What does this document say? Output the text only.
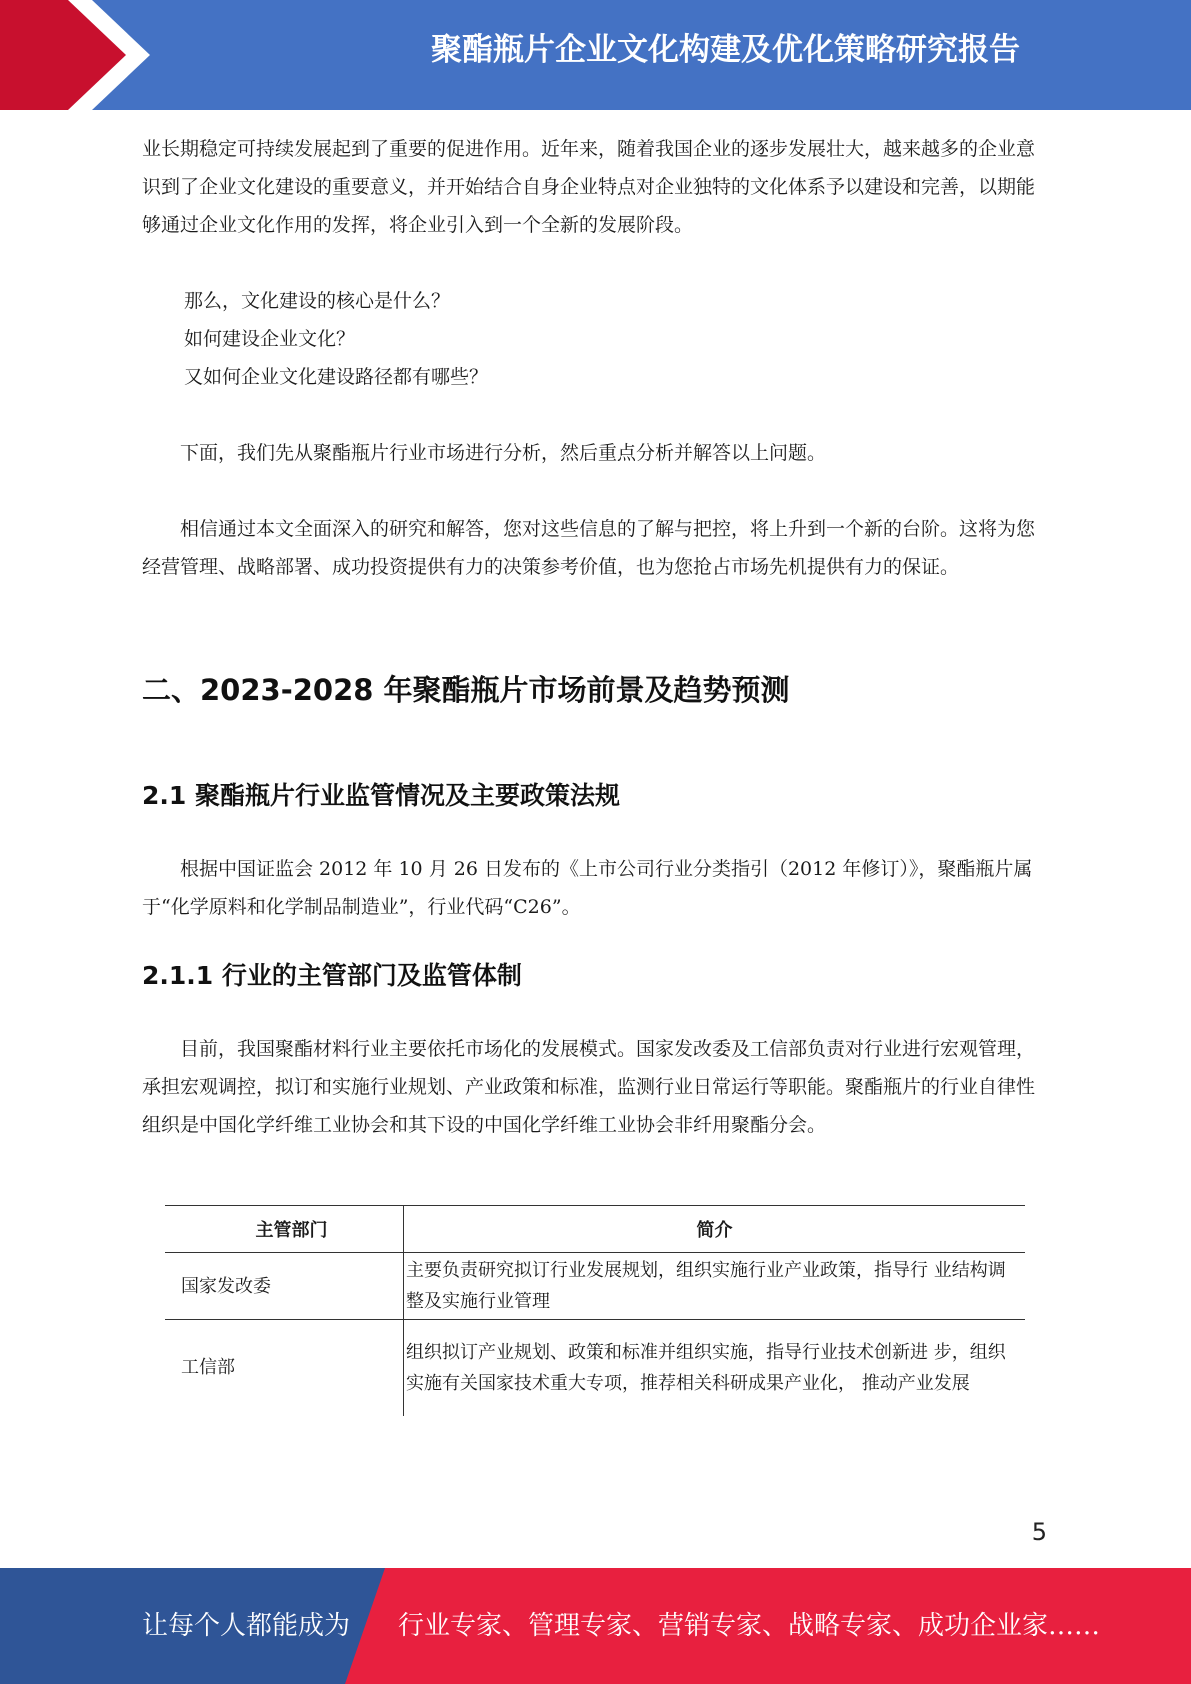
聚酯瓶片企业文化构建及优化策略研究报告

业长期稳定可持续发展起到了重要的促进作用。近年来，随着我国企业的逐步发展壮大，越来越多的企业意识到了企业文化建设的重要意义，并开始结合自身企业特点对企业独特的文化体系予以建设和完善，以期能够通过企业文化作用的发挥，将企业引入到一个全新的发展阶段。

那么，文化建设的核心是什么？
如何建设企业文化？
又如何企业文化建设路径都有哪些？

下面，我们先从聚酯瓶片行业市场进行分析，然后重点分析并解答以上问题。

相信通过本文全面深入的研究和解答，您对这些信息的了解与把控，将上升到一个新的台阶。这将为您经营管理、战略部署、成功投资提供有力的决策参考价值，也为您抢占市场先机提供有力的保证。

二、2023-2028 年聚酯瓶片市场前景及趋势预测
2.1 聚酯瓶片行业监管情况及主要政策法规

根据中国证监会 2012 年 10 月 26 日发布的《上市公司行业分类指引（2012 年修订）》，聚酯瓶片属于“化学原料和化学制品制造业”，行业代码“C26”。

2.1.1 行业的主管部门及监管体制

目前，我国聚酯材料行业主要依托市场化的发展模式。国家发改委及工信部负责对行业进行宏观管理，承担宏观调控，拟订和实施行业规划、产业政策和标准，监测行业日常运行等职能。聚酯瓶片的行业自律性组织是中国化学纤维工业协会和其下设的中国化学纤维工业协会非纤用聚酯分会。

主管部门	简介
国家发改委	主要负责研究拟订行业发展规划，组织实施行业产业政策，指导行 业结构调整及实施行业管理
工信部	组织拟订产业规划、政策和标准并组织实施，指导行业技术创新进 步，组织实施有关国家技术重大专项，推荐相关科研成果产业化， 推动产业发展
5
让每个人都能成为 行业专家、管理专家、营销专家、战略专家、成功企业家……
